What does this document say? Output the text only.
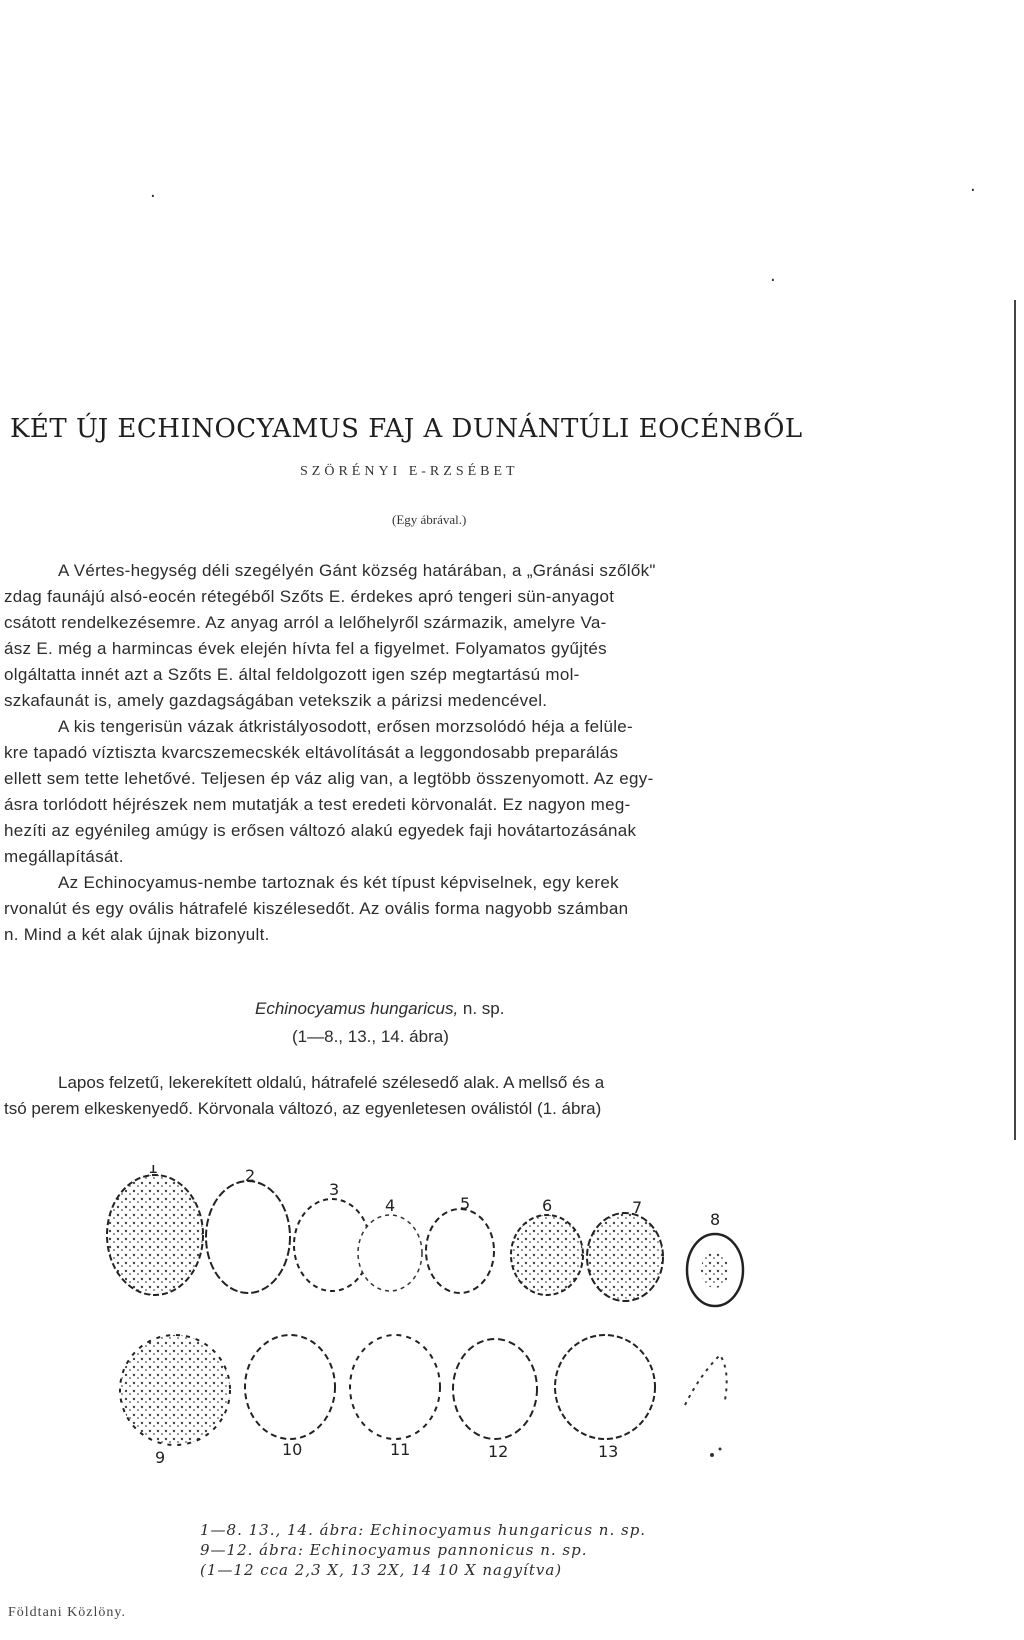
·
·
·
KÉT ÚJ ECHINOCYAMUS FAJ A DUNÁNTÚLI EOCÉNBŐL
SZÖRÉNYI E-RZSÉBET
(Egy ábrával.)
A Vértes-hegység déli szegélyén Gánt község határában, a „Gránási szőlők"
zdag faunájú alsó-eocén rétegéből Szőts E. érdekes apró tengeri sün-anyagot
csátott rendelkezésemre. Az anyag arról a lelőhelyről származik, amelyre Va-
ász E. még a harmincas évek elején hívta fel a figyelmet. Folyamatos gyűjtés
olgáltatta innét azt a Szőts E. által feldolgozott igen szép megtartású mol-
szkafaunát is, amely gazdagságában vetekszik a párizsi medencével.
A kis tengerisün vázak átkristályosodott, erősen morzsolódó héja a felüle-
kre tapadó víztiszta kvarcszemecskék eltávolítását a leggondosabb preparálás
ellett sem tette lehetővé. Teljesen ép váz alig van, a legtöbb összenyomott. Az egy-
ásra torlódott héjrészek nem mutatják a test eredeti körvonalát. Ez nagyon meg-
hezíti az egyénileg amúgy is erősen változó alakú egyedek faji hovátartozásának
megállapítását.
Az Echinocyamus-nembe tartoznak és két típust képviselnek, egy kerek
rvonalút és egy ovális hátrafelé kiszélesedőt. Az ovális forma nagyobb számban
n. Mind a két alak újnak bizonyult.
Echinocyamus hungaricus, n. sp.
(1—8., 13., 14. ábra)
Lapos felzetű, lekerekített oldalú, hátrafelé szélesedő alak. A mellső és a
tsó perem elkeskenyedő. Körvonala változó, az egyenletesen oválistól (1. ábra)
1	2
3
4	5	6	7
8
9	10	11	12	13
1—8. 13., 14. ábra: Echinocyamus hungaricus n. sp.
9—12. ábra: Echinocyamus pannonicus n. sp.
(1—12 cca 2,3 X, 13 2X, 14 10 X nagyítva)
Földtani Közlöny.
